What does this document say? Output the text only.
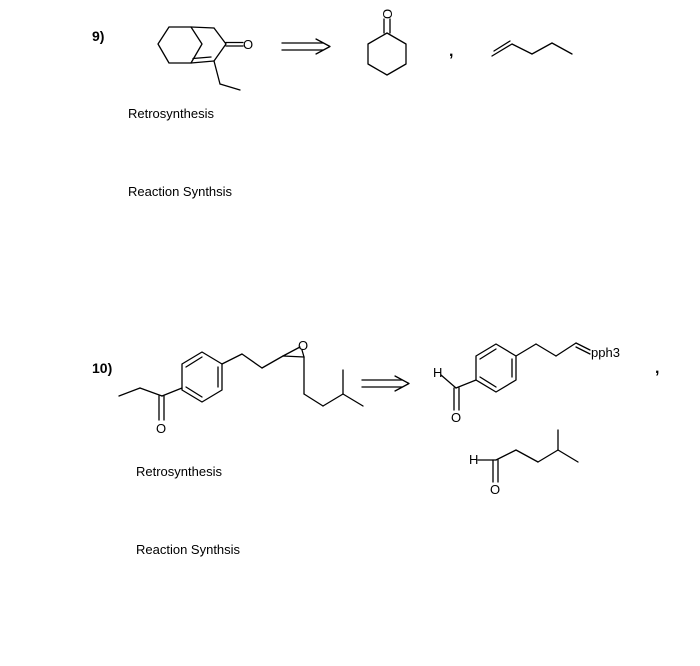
9)
Retrosynthesis
Reaction Synthsis
10)
Retrosynthesis
Reaction Synthsis
O
O
,
O
O
H
O
pph3
,
H
O
